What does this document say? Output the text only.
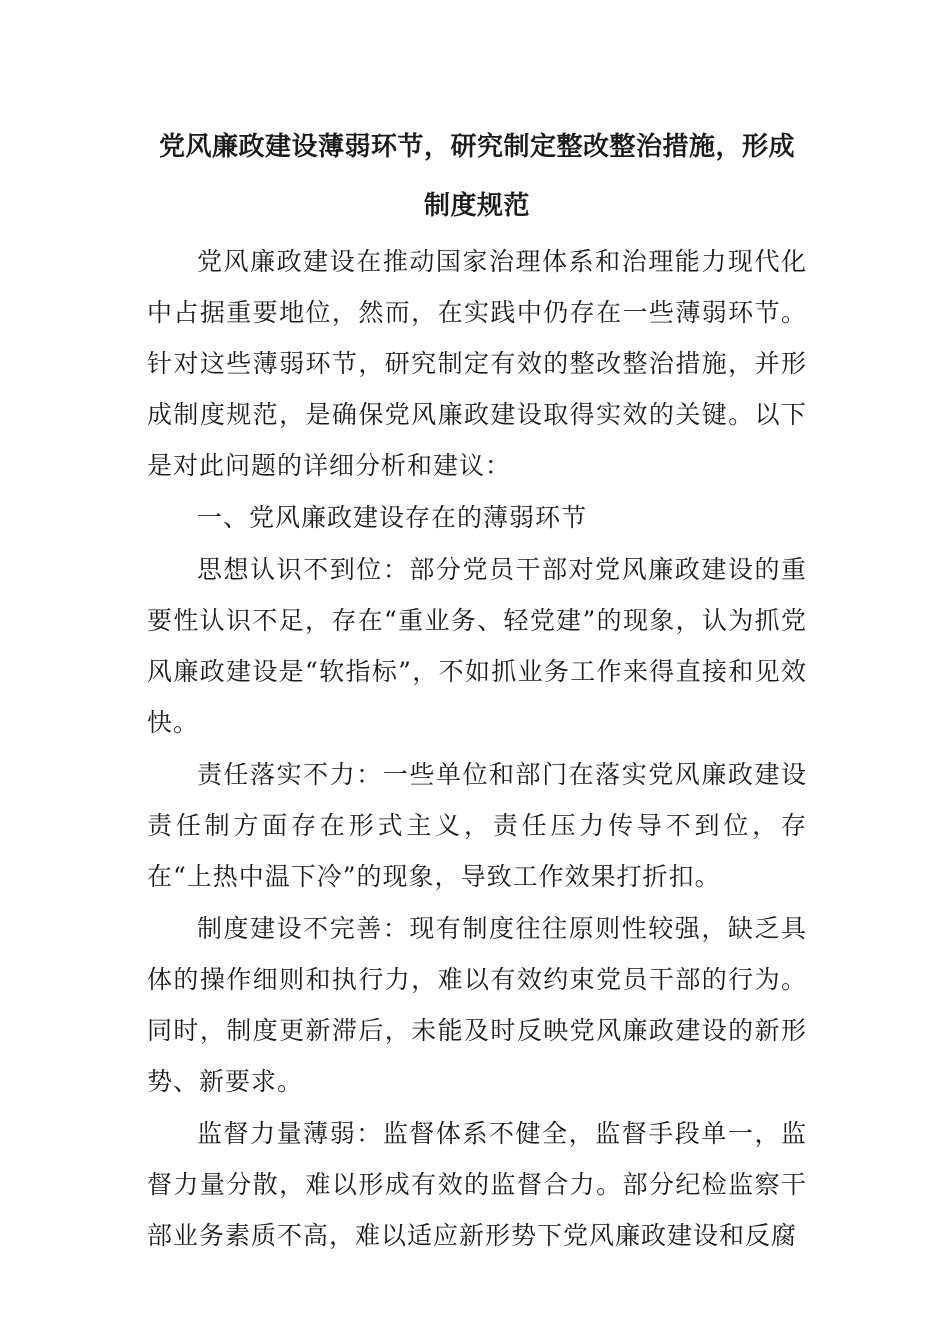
党风廉政建设薄弱环节，研究制定整改整治措施，形成制度规范

党风廉政建设在推动国家治理体系和治理能力现代化中占据重要地位，然而，在实践中仍存在一些薄弱环节。针对这些薄弱环节，研究制定有效的整改整治措施，并形成制度规范，是确保党风廉政建设取得实效的关键。以下是对此问题的详细分析和建议：

一、党风廉政建设存在的薄弱环节

思想认识不到位：部分党员干部对党风廉政建设的重要性认识不足，存在“重业务、轻党建”的现象，认为抓党风廉政建设是“软指标”，不如抓业务工作来得直接和见效快。

责任落实不力：一些单位和部门在落实党风廉政建设责任制方面存在形式主义，责任压力传导不到位，存在“上热中温下冷”的现象，导致工作效果打折扣。

制度建设不完善：现有制度往往原则性较强，缺乏具体的操作细则和执行力，难以有效约束党员干部的行为。同时，制度更新滞后，未能及时反映党风廉政建设的新形势、新要求。

监督力量薄弱：监督体系不健全，监督手段单一，监督力量分散，难以形成有效的监督合力。部分纪检监察干部业务素质不高，难以适应新形势下党风廉政建设和反腐
